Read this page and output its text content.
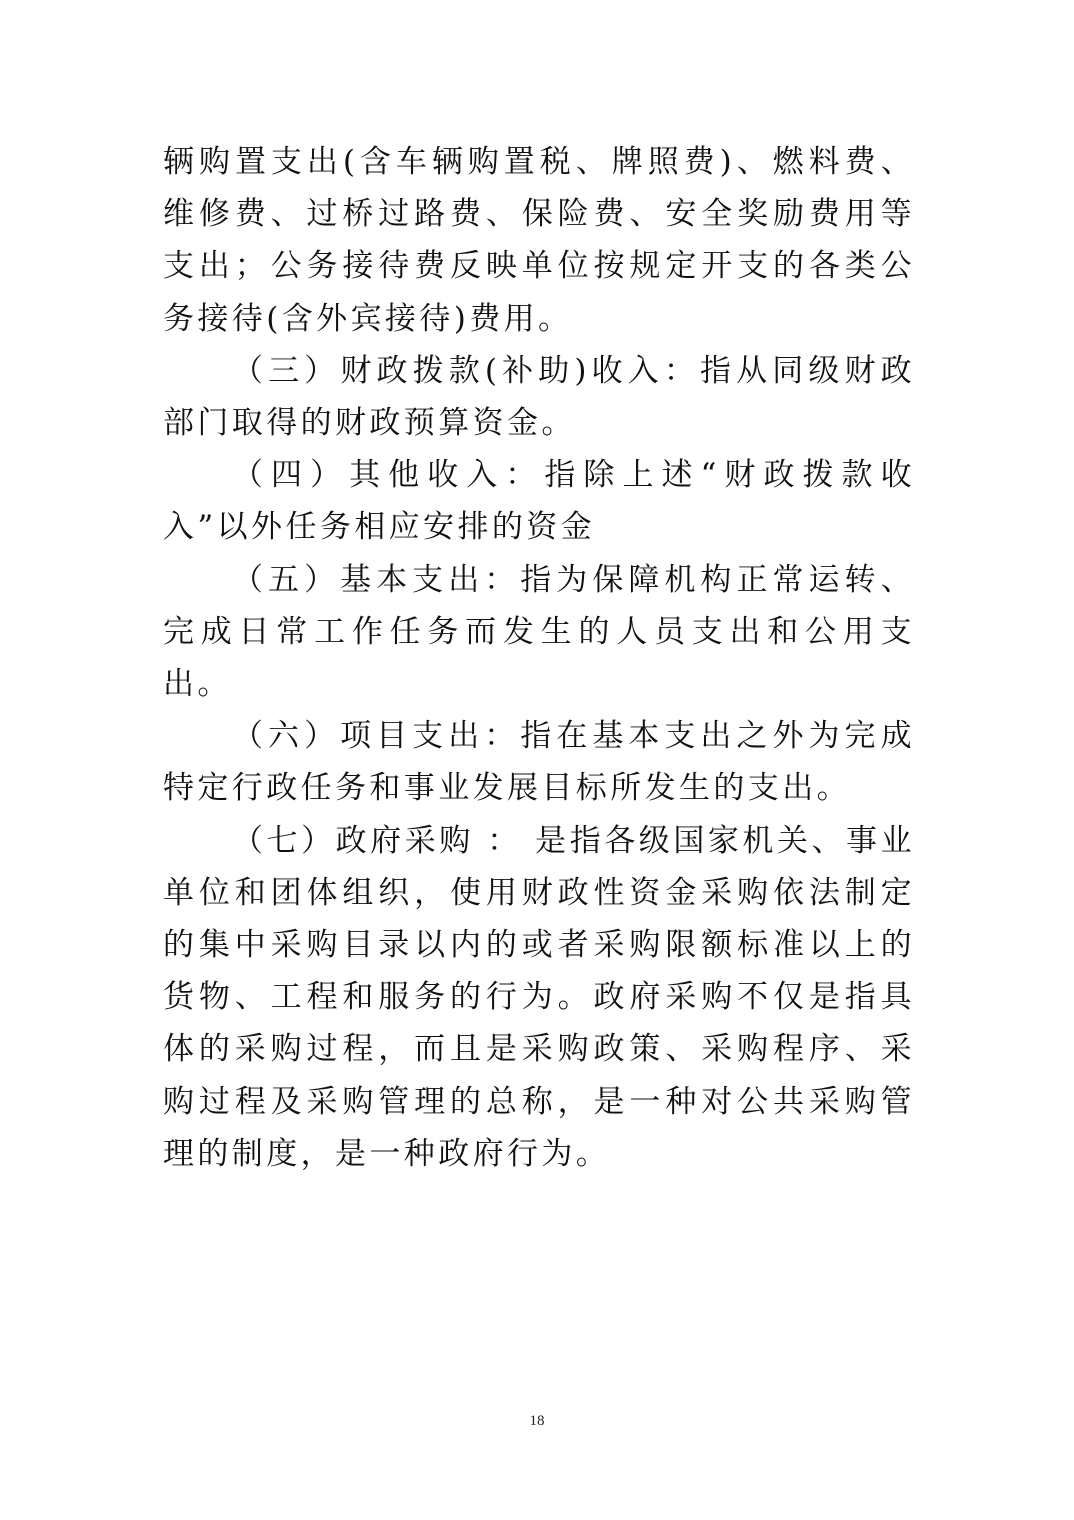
辆购置支出(含车辆购置税、牌照费)、燃料费、维修费、过桥过路费、保险费、安全奖励费用等支出；公务接待费反映单位按规定开支的各类公务接待(含外宾接待)费用。

（三）财政拨款(补助)收入：指从同级财政部门取得的财政预算资金。

（四）其他收入：指除上述“财政拨款收入”以外任务相应安排的资金

（五）基本支出：指为保障机构正常运转、完成日常工作任务而发生的人员支出和公用支出。

（六）项目支出：指在基本支出之外为完成特定行政任务和事业发展目标所发生的支出。

（七）政府采购 ： 是指各级国家机关、事业单位和团体组织，使用财政性资金采购依法制定的集中采购目录以内的或者采购限额标准以上的货物、工程和服务的行为。政府采购不仅是指具体的采购过程，而且是采购政策、采购程序、采购过程及采购管理的总称，是一种对公共采购管理的制度，是一种政府行为。

18
